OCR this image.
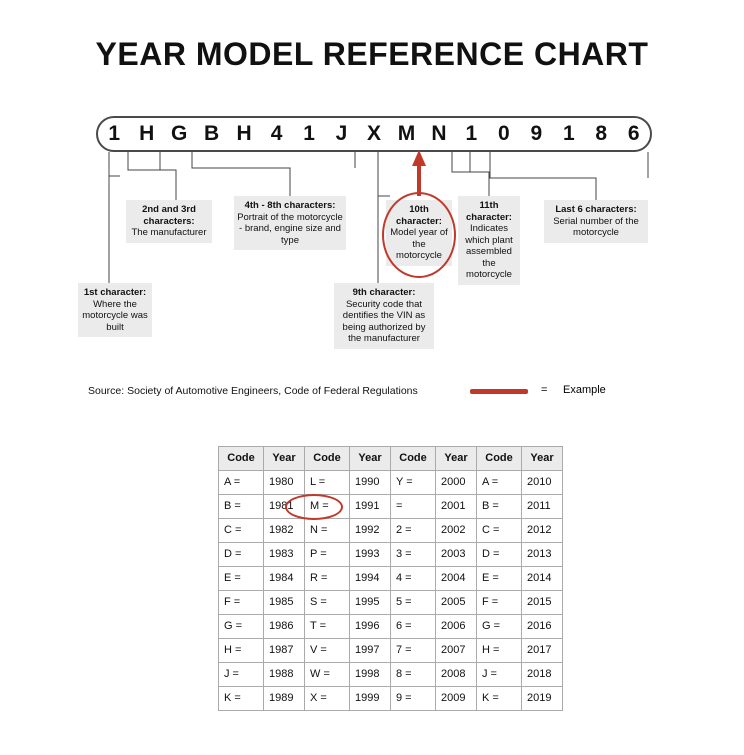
YEAR MODEL REFERENCE CHART
1 H G B H 4 1 J X M N 1 0 9 1 8 6
2nd and 3rd characters:
The manufacturer
4th - 8th characters:
Portrait of the motorcycle - brand, engine size and type
10th character:
Model year of the motorcycle
11th character:
Indicates which plant assembled the motorcycle
Last 6 characters:
Serial number of the motorcycle
1st character:
Where the motorcycle was built
9th character: Security code that dentifies the VIN as being authorized by the manufacturer
Source: Society of Automotive Engineers, Code of Federal Regulations	= Example
Code	Year	Code	Year	Code	Year	Code	Year
A =	1980	L =	1990	Y =	2000	A =	2010
B =	1981	M =	1991	=	2001	B =	2011
C =	1982	N =	1992	2 =	2002	C =	2012
D =	1983	P =	1993	3 =	2003	D =	2013
E =	1984	R =	1994	4 =	2004	E =	2014
F =	1985	S =	1995	5 =	2005	F =	2015
G =	1986	T =	1996	6 =	2006	G =	2016
H =	1987	V =	1997	7 =	2007	H =	2017
J =	1988	W =	1998	8 =	2008	J =	2018
K =	1989	X =	1999	9 =	2009	K =	2019
